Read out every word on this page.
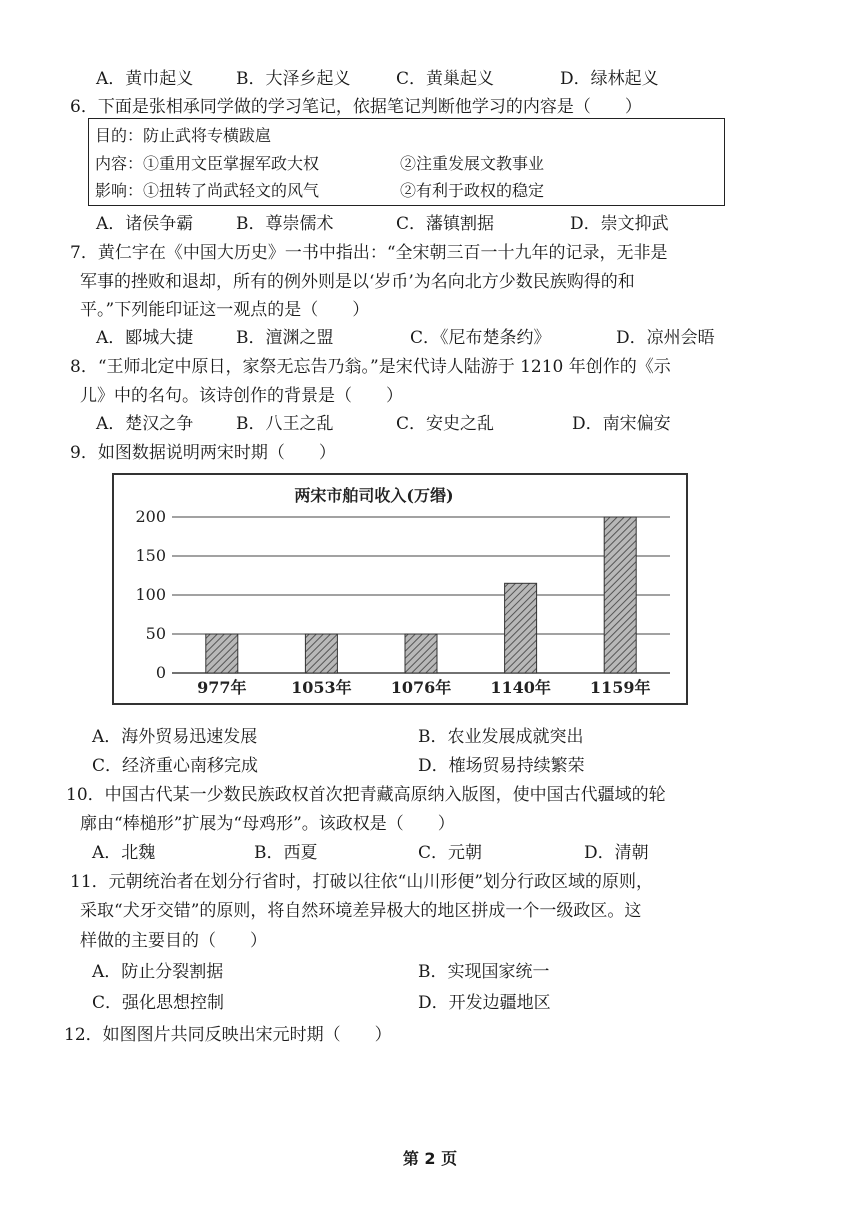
A．黄巾起义	B．大泽乡起义	C．黄巢起义	D．绿林起义
6．下面是张相承同学做的学习笔记，依据笔记判断他学习的内容是（　　）
目的：防止武将专横跋扈
内容：①重用文臣掌握军政大权	②注重发展文教事业
影响：①扭转了尚武轻文的风气	②有利于政权的稳定
A．诸侯争霸	B．尊崇儒术	C．藩镇割据	D．崇文抑武
7．黄仁宇在《中国大历史》一书中指出：“全宋朝三百一十九年的记录，无非是
军事的挫败和退却，所有的例外则是以‘岁币’为名向北方少数民族购得的和
平。”下列能印证这一观点的是（　　）
A．郾城大捷	B．澶渊之盟	C．《尼布楚条约》	D．凉州会晤
8．“王师北定中原日，家祭无忘告乃翁。”是宋代诗人陆游于 1210 年创作的《示
儿》中的名句。该诗创作的背景是（　　）
A．楚汉之争	B．八王之乱	C．安史之乱	D．南宋偏安
9．如图数据说明两宋时期（　　）
0
50
100
150
200
977年	1053年 1076年 1140年 1159年
两宋市舶司收入(万缗)
A．海外贸易迅速发展	B．农业发展成就突出
C．经济重心南移完成	D．榷场贸易持续繁荣
10．中国古代某一少数民族政权首次把青藏高原纳入版图，使中国古代疆域的轮
廓由“棒槌形”扩展为“母鸡形”。该政权是（　　）
A．北魏	B．西夏	C．元朝	D．清朝
11．元朝统治者在划分行省时，打破以往依“山川形便”划分行政区域的原则，
采取“犬牙交错”的原则，将自然环境差异极大的地区拼成一个一级政区。这
样做的主要目的（　　）
A．防止分裂割据	B．实现国家统一
C．强化思想控制	D．开发边疆地区
12．如图图片共同反映出宋元时期（　　）
第 2 页
